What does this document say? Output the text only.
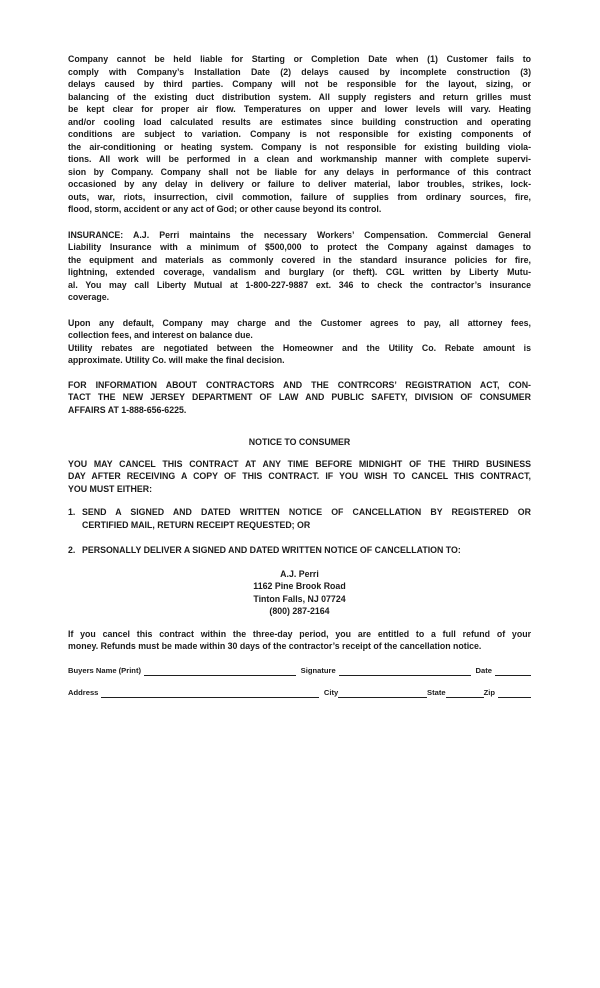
Company cannot be held liable for Starting or Completion Date when (1) Customer fails to
comply with Company’s Installation Date (2) delays caused by incomplete construction (3)
delays caused by third parties. Company will not be responsible for the layout, sizing, or
balancing of the existing duct distribution system. All supply registers and return grilles must
be kept clear for proper air flow. Temperatures on upper and lower levels will vary. Heating
and/or cooling load calculated results are estimates since building construction and operating
conditions are subject to variation. Company is not responsible for existing components of
the air-conditioning or heating system. Company is not responsible for existing building viola-
tions. All work will be performed in a clean and workmanship manner with complete supervi-
sion by Company. Company shall not be liable for any delays in performance of this contract
occasioned by any delay in delivery or failure to deliver material, labor troubles, strikes, lock-
outs, war, riots, insurrection, civil commotion, failure of supplies from ordinary sources, fire,
flood, storm, accident or any act of God; or other cause beyond its control.
INSURANCE: A.J. Perri maintains the necessary Workers’ Compensation. Commercial General
Liability Insurance with a minimum of $500,000 to protect the Company against damages to
the equipment and materials as commonly covered in the standard insurance policies for fire,
lightning, extended coverage, vandalism and burglary (or theft). CGL written by Liberty Mutu-
al. You may call Liberty Mutual at 1-800-227-9887 ext. 346 to check the contractor’s insurance
coverage.
Upon any default, Company may charge and the Customer agrees to pay, all attorney fees,
collection fees, and interest on balance due.
Utility rebates are negotiated between the Homeowner and the Utility Co. Rebate amount is
approximate. Utility Co. will make the final decision.
FOR INFORMATION ABOUT CONTRACTORS AND THE CONTRCORS’ REGISTRATION ACT, CON-
TACT THE NEW JERSEY DEPARTMENT OF LAW AND PUBLIC SAFETY, DIVISION OF CONSUMER
AFFAIRS AT 1-888-656-6225.
NOTICE TO CONSUMER
YOU MAY CANCEL THIS CONTRACT AT ANY TIME BEFORE MIDNIGHT OF THE THIRD BUSINESS
DAY AFTER RECEIVING A COPY OF THIS CONTRACT. IF YOU WISH TO CANCEL THIS CONTRACT,
YOU MUST EITHER:
1. SEND A SIGNED AND DATED WRITTEN NOTICE OF CANCELLATION BY REGISTERED OR
CERTIFIED MAIL, RETURN RECEIPT REQUESTED; OR
2. PERSONALLY DELIVER A SIGNED AND DATED WRITTEN NOTICE OF CANCELLATION TO:
A.J. Perri
1162 Pine Brook Road
Tinton Falls, NJ 07724
(800) 287-2164
If you cancel this contract within the three-day period, you are entitled to a full refund of your
money. Refunds must be made within 30 days of the contractor’s receipt of the cancellation notice.
Buyers Name (Print)	Signature	Date
Address	City	State	Zip
